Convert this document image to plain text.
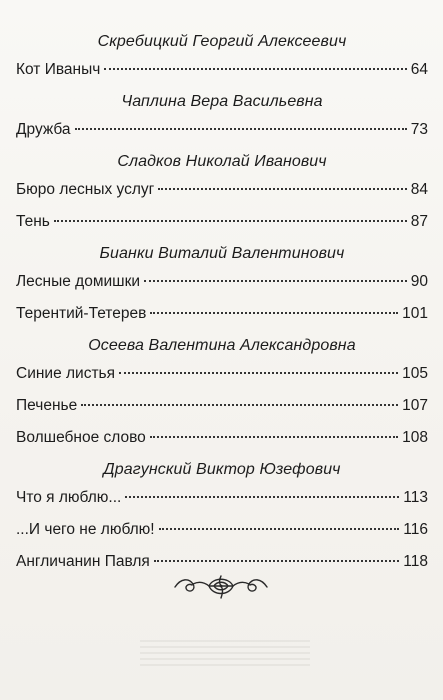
Скребицкий Георгий Алексеевич
Кот Иваныч	64
Чаплина Вера Васильевна
Дружба	73
Сладков Николай Иванович
Бюро лесных услуг	84
Тень	87
Бианки Виталий Валентинович
Лесные домишки	90
Терентий-Тетерев	101
Осеева Валентина Александровна
Синие листья	105
Печенье	107
Волшебное слово	108
Драгунский Виктор Юзефович
Что я люблю...	113
...И чего не люблю!	116
Англичанин Павля	118
